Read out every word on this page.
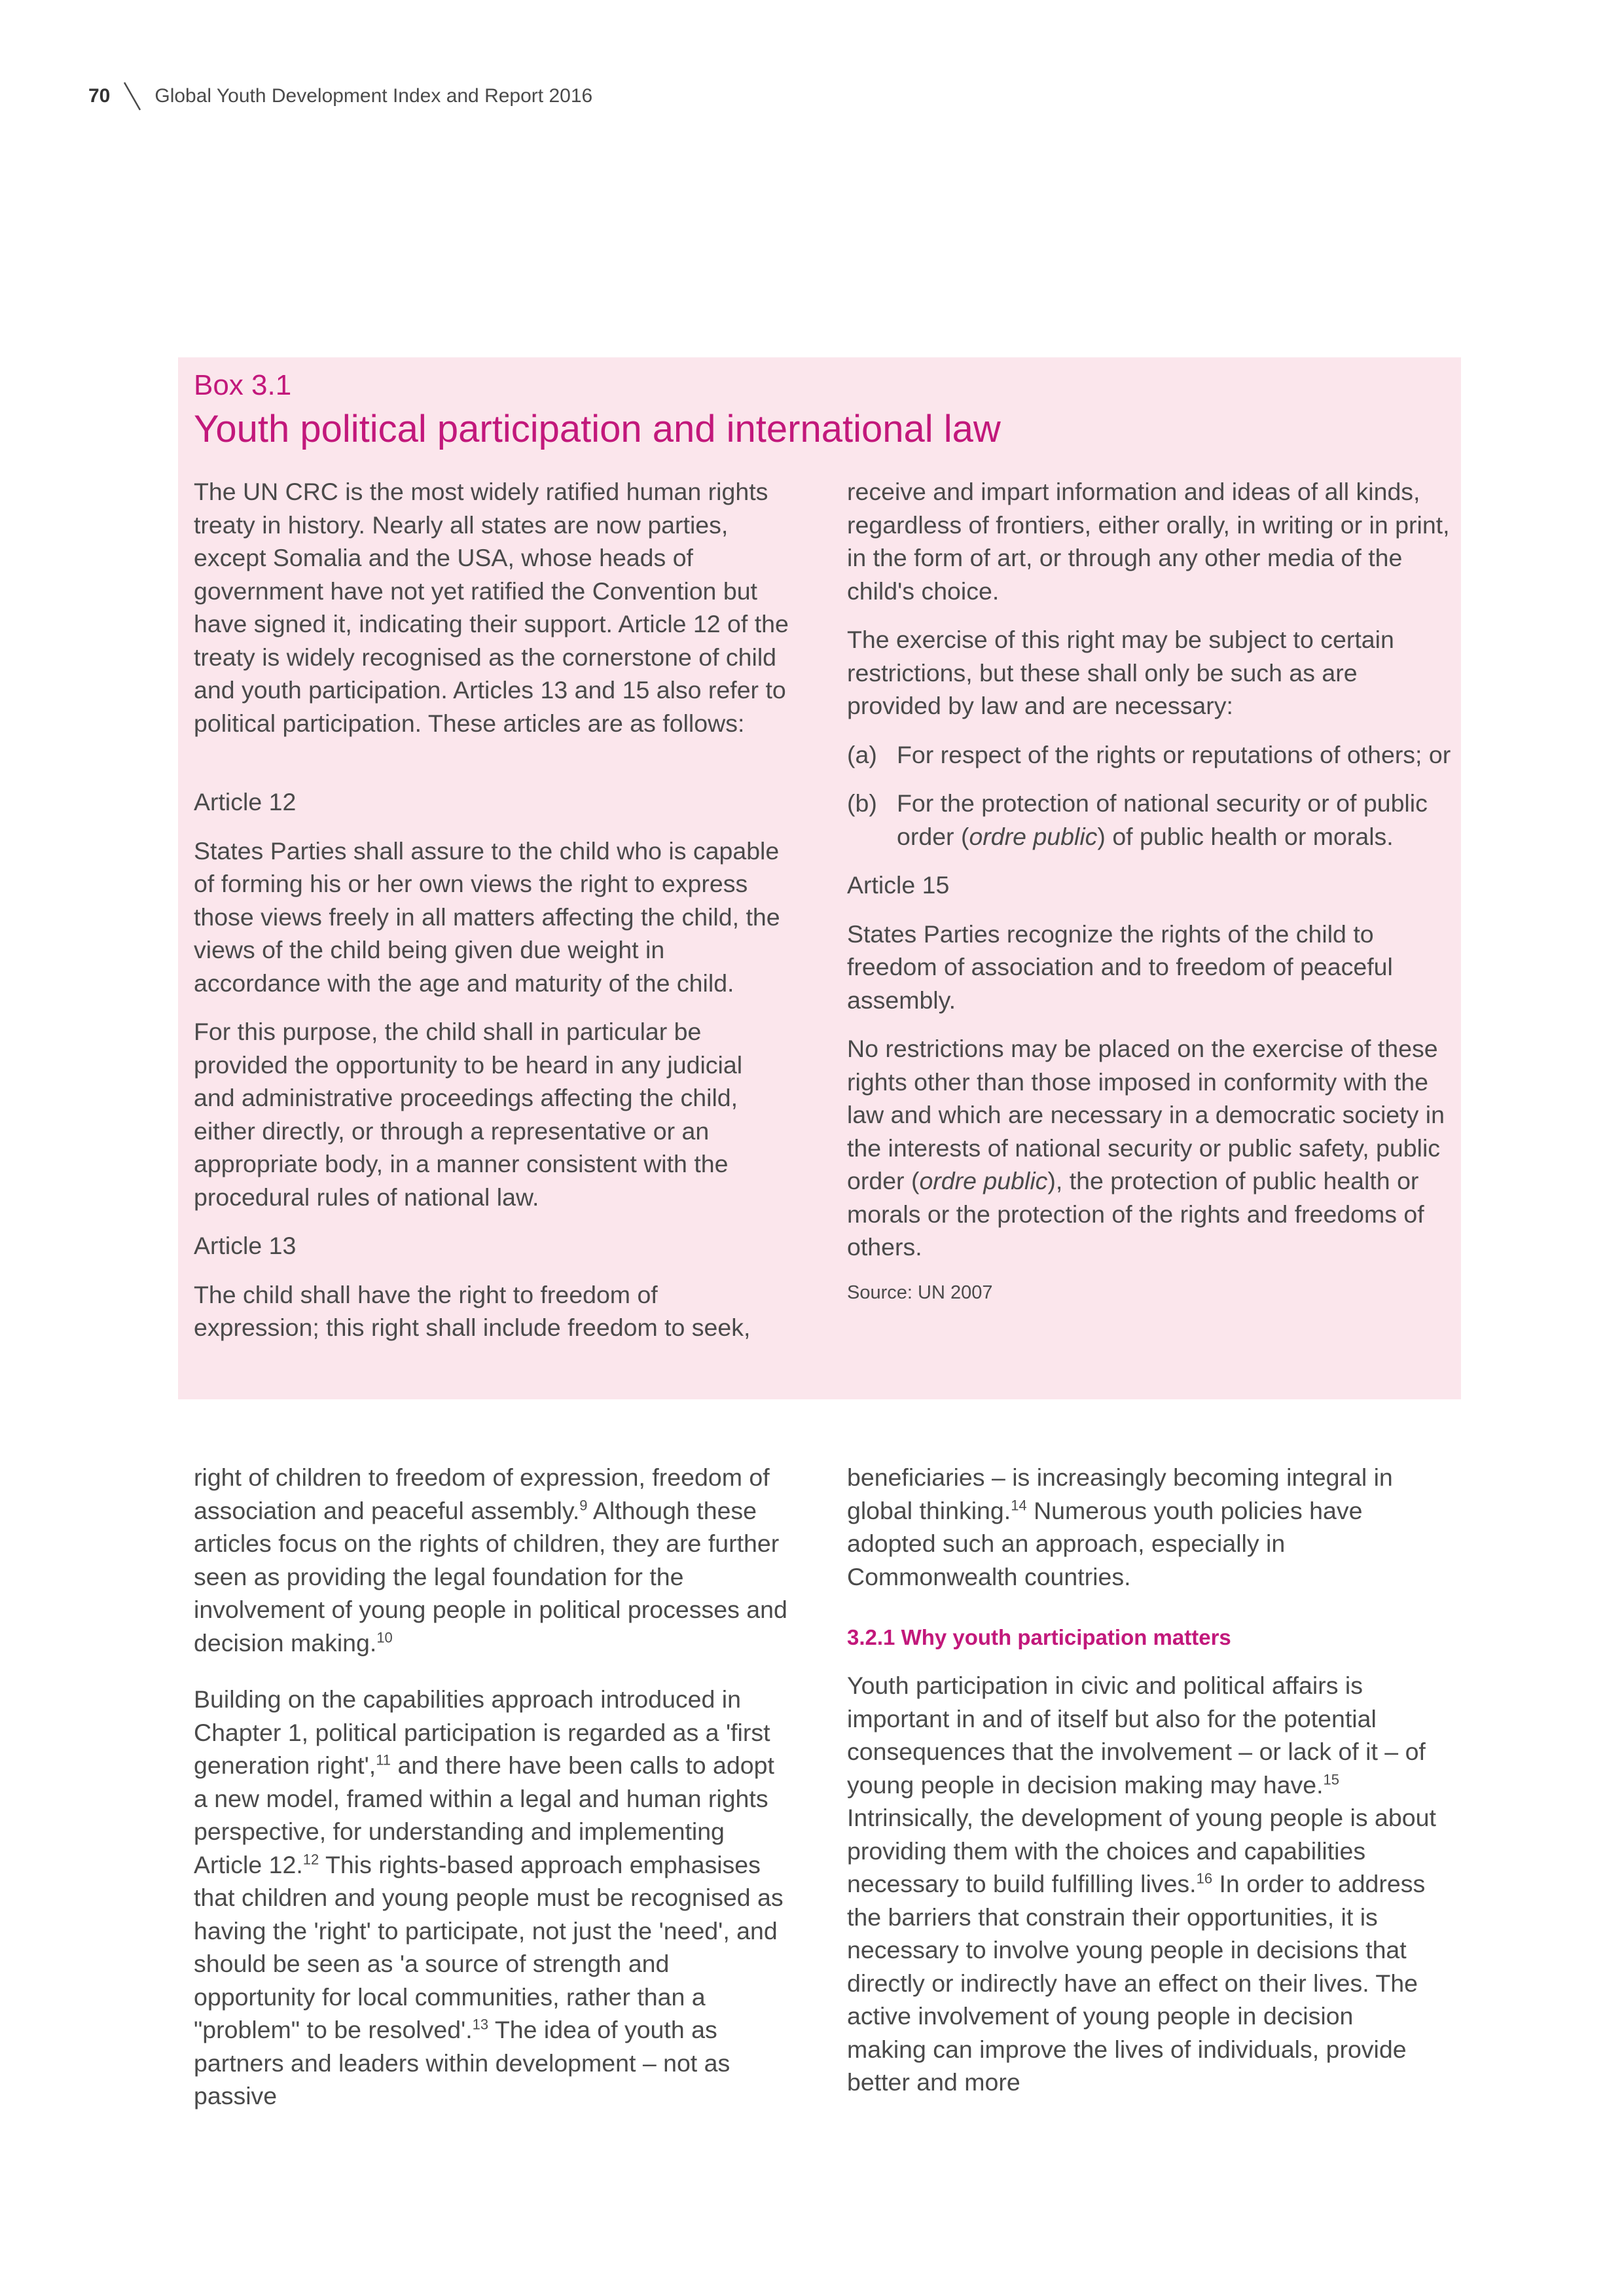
70 Global Youth Development Index and Report 2016
Box 3.1
Youth political participation and international law

The UN CRC is the most widely ratified human rights treaty in history. Nearly all states are now parties, except Somalia and the USA, whose heads of government have not yet ratified the Convention but have signed it, indicating their support. Article 12 of the treaty is widely recognised as the cornerstone of child and youth participation. Articles 13 and 15 also refer to political participation. These articles are as follows:

Article 12

States Parties shall assure to the child who is capable of forming his or her own views the right to express those views freely in all matters affecting the child, the views of the child being given due weight in accordance with the age and maturity of the child.

For this purpose, the child shall in particular be provided the opportunity to be heard in any judicial and administrative proceedings affecting the child, either directly, or through a representative or an appropriate body, in a manner consistent with the procedural rules of national law.

Article 13

The child shall have the right to freedom of expression; this right shall include freedom to seek,

receive and impart information and ideas of all kinds, regardless of frontiers, either orally, in writing or in print, in the form of art, or through any other media of the child's choice.

The exercise of this right may be subject to certain restrictions, but these shall only be such as are provided by law and are necessary:

(a) For respect of the rights or reputations of others; or
(b) For the protection of national security or of public order (ordre public) of public health or morals.

Article 15

States Parties recognize the rights of the child to freedom of association and to freedom of peaceful assembly.

No restrictions may be placed on the exercise of these rights other than those imposed in conformity with the law and which are necessary in a democratic society in the interests of national security or public safety, public order (ordre public), the protection of public health or morals or the protection of the rights and freedoms of others.

Source: UN 2007

right of children to freedom of expression, freedom of association and peaceful assembly.$^9$ Although these articles focus on the rights of children, they are further seen as providing the legal foundation for the involvement of young people in political processes and decision making.$^{10}$

Building on the capabilities approach introduced in Chapter 1, political participation is regarded as a 'first generation right',$^{11}$ and there have been calls to adopt a new model, framed within a legal and human rights perspective, for understanding and implementing Article 12.12 This rights-based approach emphasises that children and young people must be recognised as having the 'right' to participate, not just the 'need', and should be seen as 'a source of strength and opportunity for local communities, rather than a "problem" to be resolved'.$^{13}$ The idea of youth as partners and leaders within development – not as passive

beneficiaries – is increasingly becoming integral in global thinking.$^{14}$ Numerous youth policies have adopted such an approach, especially in Commonwealth countries.

3.2.1 Why youth participation matters

Youth participation in civic and political affairs is important in and of itself but also for the potential consequences that the involvement – or lack of it – of young people in decision making may have.$^{15}$ Intrinsically, the development of young people is about providing them with the choices and capabilities necessary to build fulfilling lives.$^{16}$ In order to address the barriers that constrain their opportunities, it is necessary to involve young people in decisions that directly or indirectly have an effect on their lives. The active involvement of young people in decision making can improve the lives of individuals, provide better and more
